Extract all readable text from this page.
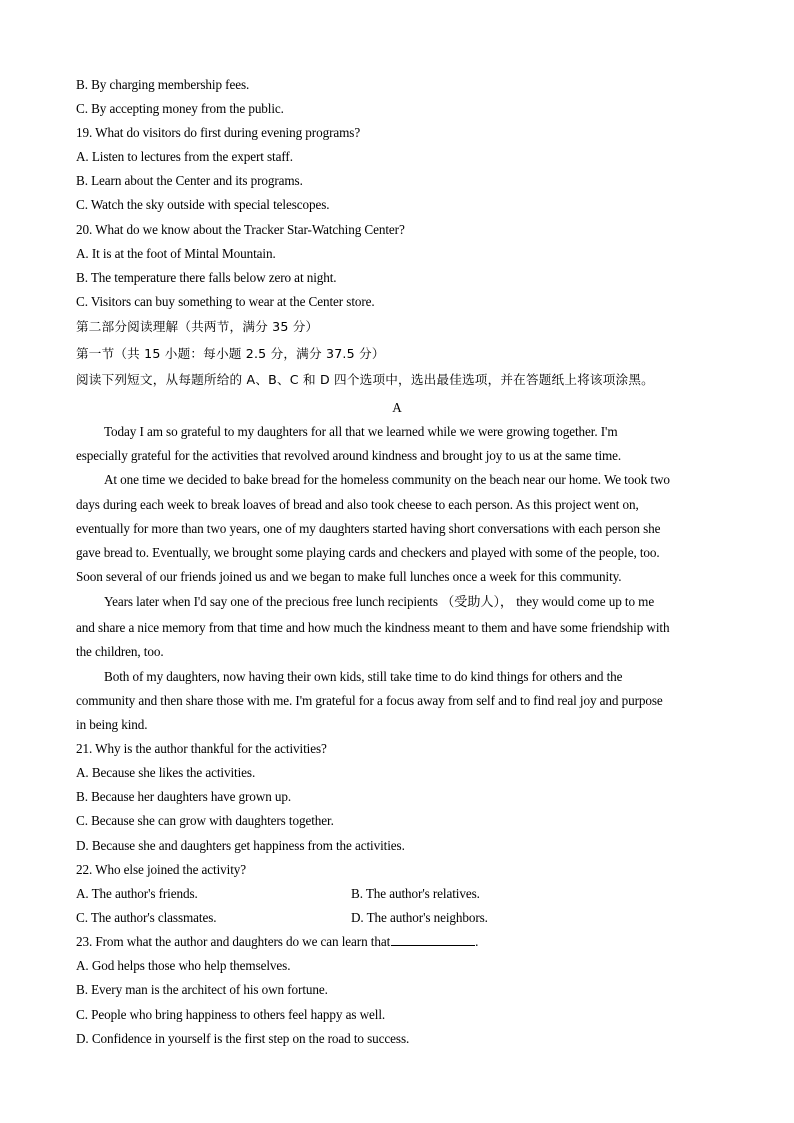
B. By charging membership fees.
C. By accepting money from the public.
19. What do visitors do first during evening programs?
A. Listen to lectures from the expert staff.
B. Learn about the Center and its programs.
C. Watch the sky outside with special telescopes.
20. What do we know about the Tracker Star-Watching Center?
A. It is at the foot of Mintal Mountain.
B. The temperature there falls below zero at night.
C. Visitors can buy something to wear at the Center store.
第二部分阅读理解（共两节，满分 35 分）
第一节（共 15 小题：每小题 2.5 分，满分 37.5 分）
阅读下列短文，从每题所给的 A、B、C 和 D 四个选项中，选出最佳选项，并在答题纸上将该项涂黑。
A
Today I am so grateful to my daughters for all that we learned while we were growing together. I'm
especially grateful for the activities that revolved around kindness and brought joy to us at the same time.
At one time we decided to bake bread for the homeless community on the beach near our home. We took two
days during each week to break loaves of bread and also took cheese to each person. As this project went on,
eventually for more than two years, one of my daughters started having short conversations with each person she
gave bread to. Eventually, we brought some playing cards and checkers and played with some of the people, too.
Soon several of our friends joined us and we began to make full lunches once a week for this community.
Years later when I'd say one of the precious free lunch recipients （受助人）， they would come up to me
and share a nice memory from that time and how much the kindness meant to them and have some friendship with
the children, too.
Both of my daughters, now having their own kids, still take time to do kind things for others and the
community and then share those with me. I'm grateful for a focus away from self and to find real joy and purpose
in being kind.
21. Why is the author thankful for the activities?
A. Because she likes the activities.
B. Because her daughters have grown up.
C. Because she can grow with daughters together.
D. Because she and daughters get happiness from the activities.
22. Who else joined the activity?
A. The author's friends.	B. The author's relatives.
C. The author's classmates.	D. The author's neighbors.
23. From what the author and daughters do we can learn that	.
A. God helps those who help themselves.
B. Every man is the architect of his own fortune.
C. People who bring happiness to others feel happy as well.
D. Confidence in yourself is the first step on the road to success.
